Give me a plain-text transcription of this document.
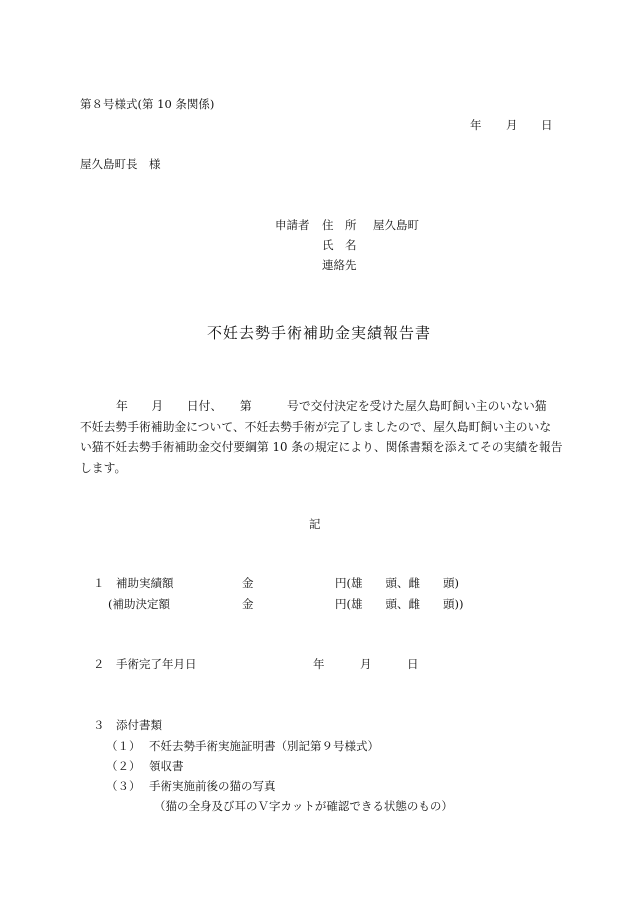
第８号様式(第 10 条関係)
年 月 日
屋久島町長　様
申請者 住　所 屋久島町
氏　名
連絡先
不妊去勢手術補助金実績報告書
年　　月　　日付、　　第　　　号で交付決定を受けた屋久島町飼い主のいない猫
不妊去勢手術補助金について、不妊去勢手術が完了しましたので、屋久島町飼い主のいな
い猫不妊去勢手術補助金交付要綱第 10 条の規定により、関係書類を添えてその実績を報告
します。
記
１ 補助実績額	金	円(雄　　頭、雌　　頭)
(補助決定額	金	円(雄　　頭、雌　　頭))
２ 手術完了年月日	年	月	日
３ 添付書類
（１） 不妊去勢手術実施証明書（別記第９号様式）
（２） 領収書
（３） 手術実施前後の猫の写真
（猫の全身及び耳のＶ字カットが確認できる状態のもの）
